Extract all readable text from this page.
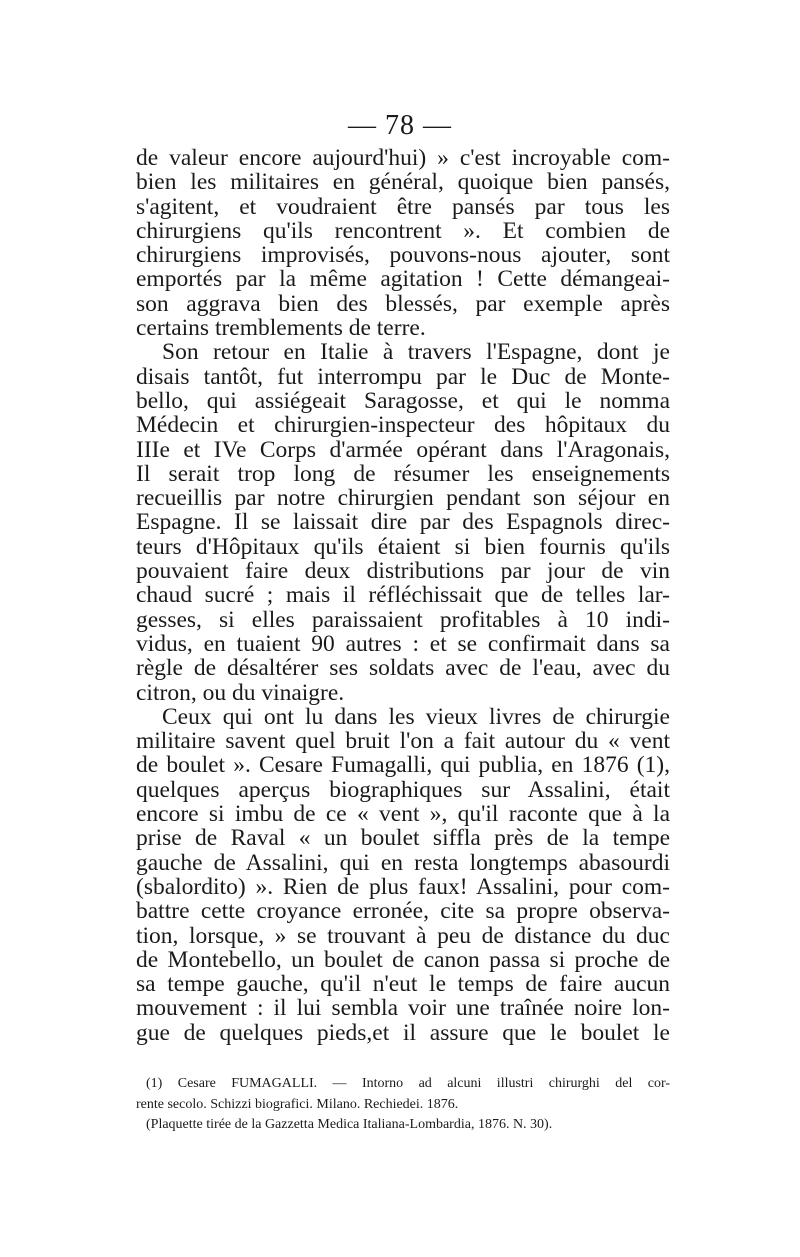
— 78 —
de valeur encore aujourd'hui) » c'est incroyable com-
bien les militaires en général, quoique bien pansés,
s'agitent, et voudraient être pansés par tous les
chirurgiens qu'ils rencontrent ». Et combien de
chirurgiens improvisés, pouvons-nous ajouter, sont
emportés par la même agitation ! Cette démangeai-
son aggrava bien des blessés, par exemple après
certains tremblements de terre.
Son retour en Italie à travers l'Espagne, dont je
disais tantôt, fut interrompu par le Duc de Monte-
bello, qui assiégeait Saragosse, et qui le nomma
Médecin et chirurgien-inspecteur des hôpitaux du
IIIe et IVe Corps d'armée opérant dans l'Aragonais,
Il serait trop long de résumer les enseignements
recueillis par notre chirurgien pendant son séjour en
Espagne. Il se laissait dire par des Espagnols direc-
teurs d'Hôpitaux qu'ils étaient si bien fournis qu'ils
pouvaient faire deux distributions par jour de vin
chaud sucré ; mais il réfléchissait que de telles lar-
gesses, si elles paraissaient profitables à 10 indi-
vidus, en tuaient 90 autres : et se confirmait dans sa
règle de désaltérer ses soldats avec de l'eau, avec du
citron, ou du vinaigre.
Ceux qui ont lu dans les vieux livres de chirurgie
militaire savent quel bruit l'on a fait autour du « vent
de boulet ». Cesare Fumagalli, qui publia, en 1876 (1),
quelques aperçus biographiques sur Assalini, était
encore si imbu de ce « vent », qu'il raconte que à la
prise de Raval « un boulet siffla près de la tempe
gauche de Assalini, qui en resta longtemps abasourdi
(sbalordito) ». Rien de plus faux! Assalini, pour com-
battre cette croyance erronée, cite sa propre observa-
tion, lorsque, » se trouvant à peu de distance du duc
de Montebello, un boulet de canon passa si proche de
sa tempe gauche, qu'il n'eut le temps de faire aucun
mouvement : il lui sembla voir une traînée noire lon-
gue de quelques pieds,et il assure que le boulet le
(1) Cesare FUMAGALLI. — Intorno ad alcuni illustri chirurghi del cor-
rente secolo. Schizzi biografici. Milano. Rechiedei. 1876.
(Plaquette tirée de la Gazzetta Medica Italiana-Lombardia, 1876. N. 30).
